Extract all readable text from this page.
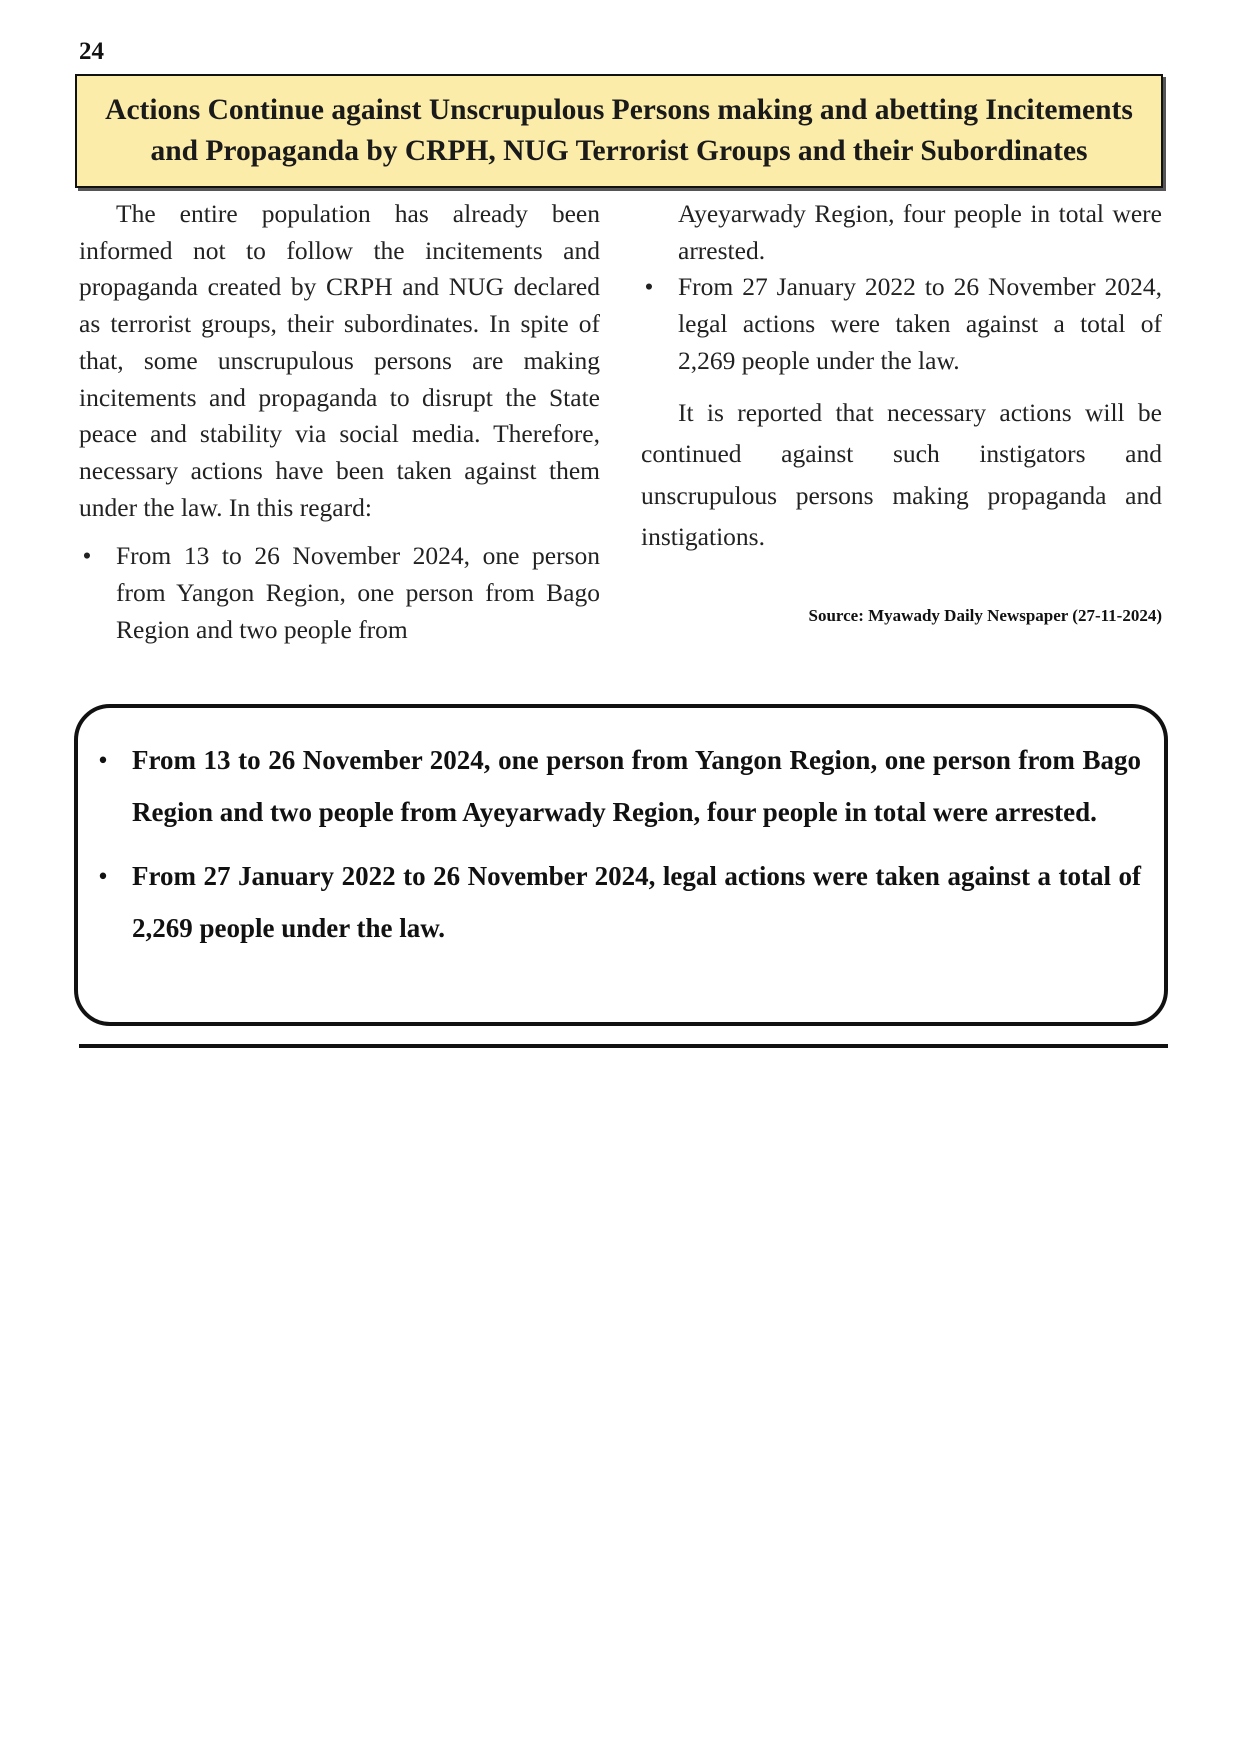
24
Actions Continue against Unscrupulous Persons making and abetting Incitements
and Propaganda by CRPH, NUG Terrorist Groups and their Subordinates

The entire population has already been informed not to follow the incitements and propaganda created by CRPH and NUG declared as terrorist groups, their subordinates. In spite of that, some unscrupulous persons are making incitements and propaganda to disrupt the State peace and stability via social media. Therefore, necessary actions have been taken against them under the law. In this regard:

• From 13 to 26 November 2024, one person from Yangon Region, one person from Bago Region and two people from

Ayeyarwady Region, four people in total were arrested.

• From 27 January 2022 to 26 November 2024, legal actions were taken against a total of 2,269 people under the law.

It is reported that necessary actions will be continued against such instigators and unscrupulous persons making propaganda and instigations.

Source: Myawady Daily Newspaper (27-11-2024)

• From 13 to 26 November 2024, one person from Yangon Region, one person from Bago Region and two people from Ayeyarwady Region, four people in total were arrested.
• From 27 January 2022 to 26 November 2024, legal actions were taken against a total of 2,269 people under the law.
